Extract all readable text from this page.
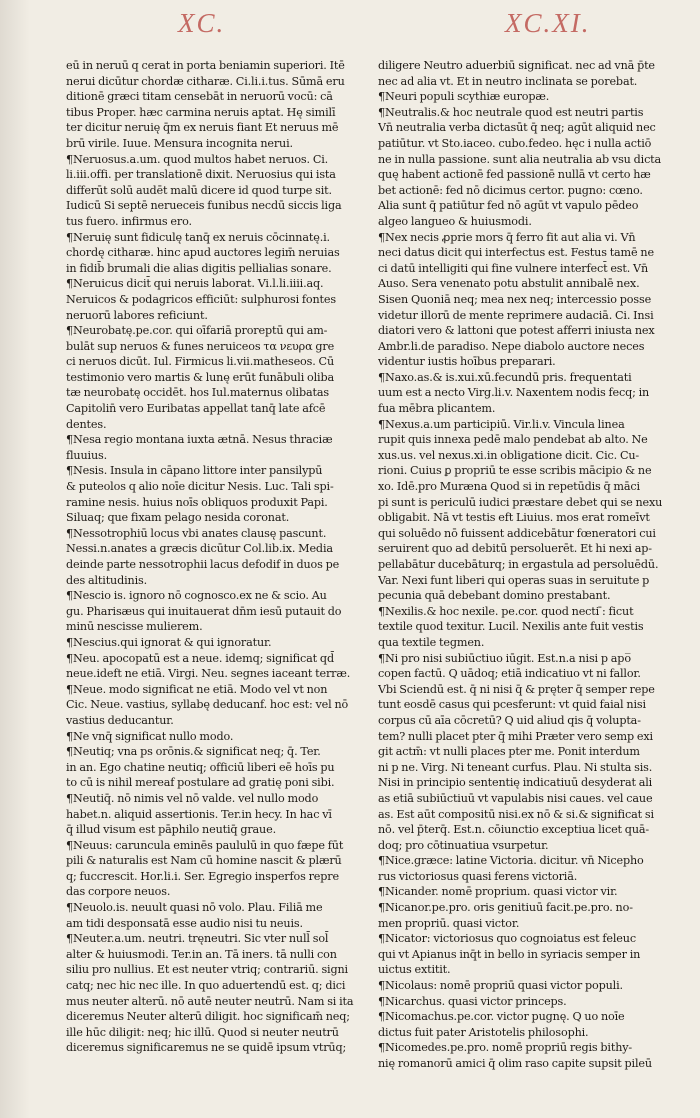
XC.	XC.XI.
eū in neruū q cerat in porta beniamin superiori. Itē
nerui dicūtur chordæ citharæ. Ci.li.i.tus. Sūmā eru
ditionē græci titam censebāt in neruorū vocū: cā
tibus Proper. hæc carmina neruis aptat. Hę similī
ter dicitur neruię q̄m ex neruis fiant Et neruus mē
brū virile. Iuue. Mensura incognita nerui.
¶Neruosus.a.um. quod multos habet neruos. Ci.
li.iii.offi. per translationē dixit. Neruosius qui ista
differūt solū audēt malū dicere id quod turpe sit.
Iudicū Si septē nerueceis funibus necdū siccis liga
tus fuero. infirmus ero.
¶Neruię sunt fidiculę tanq̄ ex neruis cōcinnatę.i.
chordę citharæ. hinc apud auctores legim̄ neruias
in fidib̄ brumali die alias digitis pellialias sonare.
¶Neruicus dicit̄ qui neruis laborat. Vi.l.li.iiii.aq.
Neruicos & podagricos efficiūt: sulphurosi fontes
neruorū labores reficiunt.
¶Neurobatę.pe.cor. qui oīfariā proreptū qui am-
bulāt sup neruos & funes neruiceos τα νευρα gre
ci neruos dicūt. Iul. Firmicus li.vii.matheseos. Cū
testimonio vero martis & lunę erūt funābuli oliba
tæ neurobatę occidēt. hos Iul.maternus olibatas
Capitolin̄ vero Euribatas appellat tanq̄ late afcē
dentes.
¶Nesa regio montana iuxta ætnā. Nesus thraciæ
fluuius.
¶Nesis. Insula in cāpano littore inter pansilypū
& puteolos q alio noīe dicitur Nesis. Luc. Tali spi-
ramine nesis. huius noīs obliquos produxit Papi.
Siluaq; que fixam pelago nesida coronat.
¶Nessotrophiū locus vbi anates clausę pascunt.
Nessi.n.anates a græcis dicūtur Col.lib.ix. Media
deinde parte nessotrophii lacus defodif in duos pe
des altitudinis.
¶Nescio is. ignoro nō cognosco.ex ne & scio. Au
gu. Pharisæus qui inuitauerat dn̄m iesū putauit do
minū nescisse mulierem.
¶Nescius.qui ignorat & qui ignoratur.
¶Neu. apocopatū est a neue. idemq; significat qd̄
neue.ideft ne etiā. Virgi. Neu. segnes iaceant terræ.
¶Neue. modo significat ne etiā. Modo vel vt non
Cic. Neue. vastius, syllabę deducanf. hoc est: vel nō
vastius deducantur.
¶Ne vnq̄ significat nullo modo.
¶Neutiq; vna ps orōnis.& significat neq; q̄. Ter.
in an. Ego chatine neutiq; officiū liberi eē hoīs pu
to cū is nihil mereaf postulare ad gratię poni sibi.
¶Neutiq̄. nō nimis vel nō valde. vel nullo modo
habet.n. aliquid assertionis. Ter.in hecy. In hac vī
q̄ illud visum est pāphilo neutiq̄ graue.
¶Neuus: caruncula eminēs paululū in quo fæpe fūt
pili & naturalis est Nam cū homine nascit & plærū
q; fuccrescit. Hor.li.i. Ser. Egregio insperfos repre
das corpore neuos.
¶Neuolo.is. neuult quasi nō volo. Plau. Filiā me
am tidi desponsatā esse audio nisi tu neuis.
¶Neuter.a.um. neutri. tręneutri. Sic vter null̄ sol̄
alter & huiusmodi. Ter.in an. Tā iners. tā nulli con
siliu pro nullius. Et est neuter vtriq; contrariū. signi
catq; nec hic nec ille. In quo aduertendū est. q; dici
mus neuter alterū. nō autē neuter neutrū. Nam si ita
diceremus Neuter alterū diligit. hoc significam̄ neq;
ille hūc diligit: neq; hic illū. Quod si neuter neutrū
diceremus significaremus ne se quidē ipsum vtrūq;
diligere Neutro aduerbiū significat. nec ad vnā p̄te
nec ad alia vt. Et in neutro inclinata se porebat.
¶Neuri populi scythiæ europæ.
¶Neutralis.& hoc neutrale quod est neutri partis
Vn̄ neutralia verba dictasūt q̄ neq; agūt aliquid nec
patiūtur. vt Sto.iaceo. cubo.fedeo. hęc i nulla actiō
ne in nulla passione. sunt alia neutralia ab vsu dicta
quę habent actionē fed passionē nullā vt certo hæ
bet actionē: fed nō dicimus certor. pugno: cœno.
Alia sunt q̄ patiūtur fed nō agūt vt vapulo pēdeo
algeo langueo & huiusmodi.
¶Nex necis ꝓprie mors q̄ ferro fit aut alia vi. Vn̄
neci datus dicit qui interfectus est. Festus tamē ne
ci datū intelligiti qui fine vulnere interfect̄ est. Vn̄
Auso. Sera venenato potu abstulit annibalē nex.
Sisen Quoniā neq; mea nex neq; intercessio posse
videtur illorū de mente reprimere audaciā. Ci. Insi
diatori vero & lattoni que potest afferri iniusta nex
Ambr.li.de paradiso. Nepe diabolo auctore neces
videntur iustis hoībus preparari.
¶Naxo.as.& is.xui.xū.fecundū pris. frequentati
uum est a necto Virg.li.v. Naxentem nodis fecq; in
fua mēbra plicantem.
¶Nexus.a.um participiū. Vir.li.v. Vincula linea
rupit quis innexa pedē malo pendebat ab alto. Ne
xus.us. vel nexus.xi.in obligatione dicit. Cic. Cu-
rioni. Cuius ꝑ propriū te esse scribis mācipio & ne
xo. Idē.pro Muræna Quod si in repetūdis q̄ māci
pi sunt is periculū iudici præstare debet qui se nexu
obligabit. Nā vt testis eft Liuius. mos erat romeīvt
qui soluēdo nō fuissent addicebātur fœneratori cui
seruirent quo ad debitū persoluerēt. Et hi nexi ap-
pellabātur ducebāturq; in ergastula ad persoluēdū.
Var. Nexi funt liberi qui operas suas in seruitute p
pecunia quā debebant domino prestabant.
¶Nexilis.& hoc nexile. pe.cor. quod necti ̄: ficut
textile quod texitur. Lucil. Nexilis ante fuit vestis
qua textile tegmen.
¶Ni pro nisi subiūctiuo iūgit. Est.n.a nisi p apo̅
copen factū. Q uādoq; etiā indicatiuo vt ni fallor.
Vbi Sciendū est. q̄ ni nisi q̄ & pręter q̄ semper repe
tunt eosdē casus qui pcesferunt: vt quid faial nisi
corpus cū aīa cōcretū? Q uid aliud qis q̄ volupta-
tem? nulli placet pter q̄ mihi Præter vero semp exi
git actm̄: vt nulli places pter me. Ponit interdum
ni p ne. Virg. Ni teneant curfus. Plau. Ni stulta sis.
Nisi in principio sententię indicatiuū desyderat ali
as etiā subiūctiuū vt vapulabis nisi caues. vel caue
as. Est aūt compositū nisi.ex nō & si.& significat si
nō. vel p̄terq̄. Est.n. cōiunctio exceptiua licet quā-
doq; pro cōtinuatiua vsurpetur.
¶Nice.græce: latine Victoria. dicitur. vn̄ Nicepho
rus victoriosus quasi ferens victoriā.
¶Nicander. nomē proprium. quasi victor vir.
¶Nicanor.pe.pro. oris genitiuū facit.pe.pro. no-
men propriū. quasi victor.
¶Nicator: victoriosus quo cognoiatus est feleuc
qui vt Apianus inq̄t in bello in syriacis semper in
uictus extitit.
¶Nicolaus: nomē propriū quasi victor populi.
¶Nicarchus. quasi victor princeps.
¶Nicomachus.pe.cor. victor pugnę. Q uo noīe
dictus fuit pater Aristotelis philosophi.
¶Nicomedes.pe.pro. nomē propriū regis bithy-
nię romanorū amici q̄ olim raso capite supsit pileū
